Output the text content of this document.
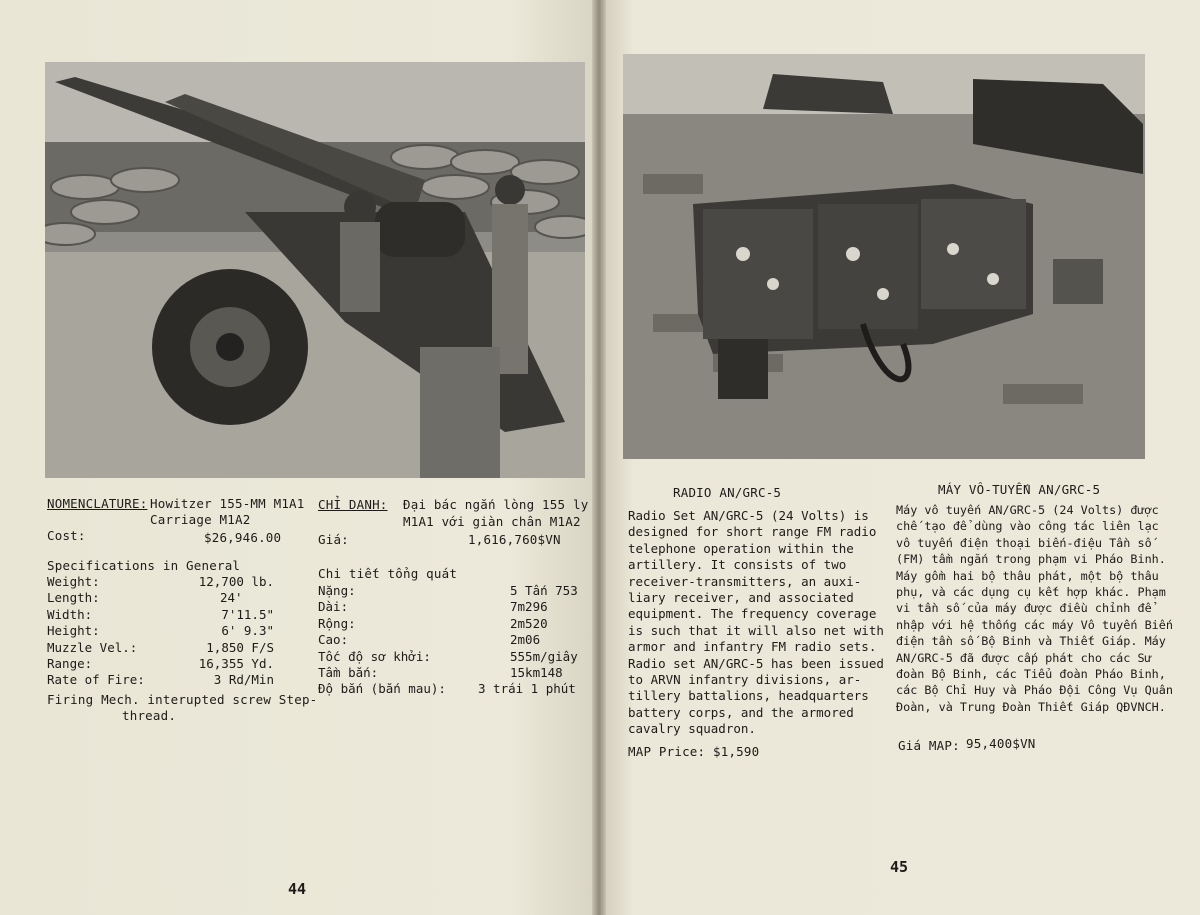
NOMENCLATURE: Howitzer 155-MM M1A1
Carriage M1A2
Cost:	$26,946.00
Specifications in General
Weight:
Length:
Width:
Height:
Muzzle Vel.:
Range:
Rate of Fire:
12,700 lb.
24'
7'11.5"
6' 9.3"
1,850 F/S
16,355 Yd.
3 Rd/Min
Firing Mech. interupted screw Step-
thread.
CHỈ DANH: Đại bác ngắn lòng 155 ly
M1A1 với giàn chân M1A2
Giá:	1,616,760$VN
Chi tiết tổng quát
Nặng:
Dài:
Rộng:
Cao:
Tốc độ sơ khởi:
Tầm bắn:
Độ bắn (bắn mau):
5 Tấn 753
7m296
2m520
2m06
555m/giây
15km148
3 trái 1 phút
44
RADIO AN/GRC-5
Radio Set AN/GRC-5 (24 Volts) is
designed for short range FM radio
telephone operation within the
artillery. It consists of two
receiver-transmitters, an auxi-
liary receiver, and associated
equipment. The frequency coverage
is such that it will also net with
armor and infantry FM radio sets.
Radio set AN/GRC-5 has been issued
to ARVN infantry divisions, ar-
tillery battalions, headquarters
battery corps, and the armored
cavalry squadron.
MAP Price: $1,590
MÁY VÔ-TUYẾN AN/GRC-5
Máy vô tuyến AN/GRC-5 (24 Volts) được
chế tạo để dùng vào công tác liên lạc
vô tuyến điện thoại biến-điệu Tần số
(FM) tầm ngắn trong phạm vi Pháo Binh.
Máy gồm hai bộ thâu phát, một bộ thâu
phụ, và các dụng cụ kết hợp khác. Phạm
vi tần số của máy được điều chỉnh để
nhập với hệ thống các máy Vô tuyến Biến
điện tần số Bộ Binh và Thiết Giáp. Máy
AN/GRC-5 đã được cấp phát cho các Sư
đoàn Bộ Binh, các Tiểu đoàn Pháo Binh,
các Bộ Chỉ Huy và Pháo Đội Công Vụ Quân
Đoàn, và Trung Đoàn Thiết Giáp QĐVNCH.
Giá MAP: 95,400$VN
45
